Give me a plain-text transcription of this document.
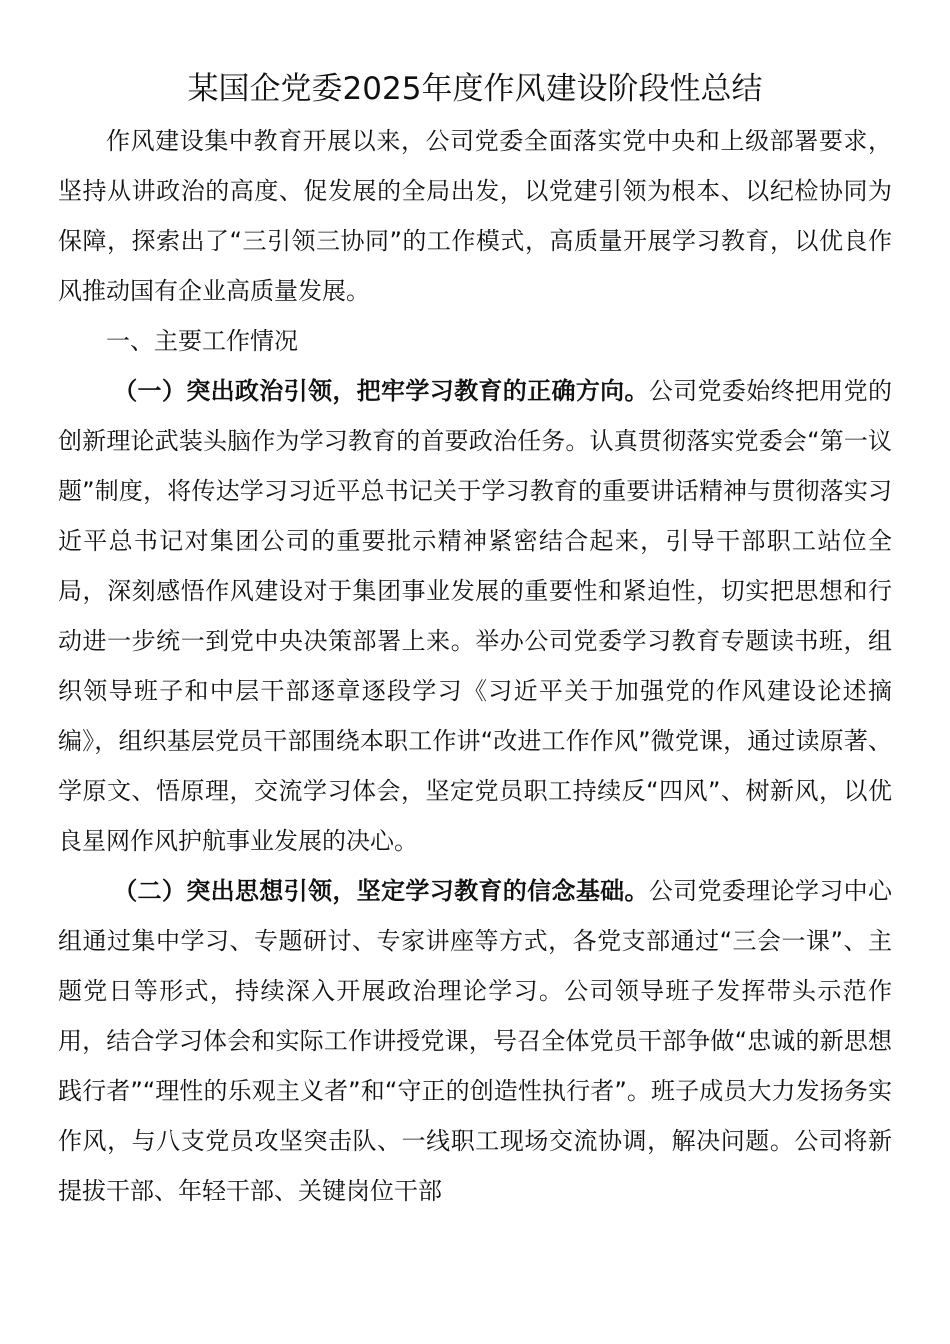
某国企党委2025年度作风建设阶段性总结

作风建设集中教育开展以来，公司党委全面落实党中央和上级部署要求，坚持从讲政治的高度、促发展的全局出发，以党建引领为根本、以纪检协同为保障，探索出了“三引领三协同”的工作模式，高质量开展学习教育，以优良作风推动国有企业高质量发展。

一、主要工作情况

（一）突出政治引领，把牢学习教育的正确方向。公司党委始终把用党的创新理论武装头脑作为学习教育的首要政治任务。认真贯彻落实党委会“第一议题”制度，将传达学习习近平总书记关于学习教育的重要讲话精神与贯彻落实习近平总书记对集团公司的重要批示精神紧密结合起来，引导干部职工站位全局，深刻感悟作风建设对于集团事业发展的重要性和紧迫性，切实把思想和行动进一步统一到党中央决策部署上来。举办公司党委学习教育专题读书班，组织领导班子和中层干部逐章逐段学习《习近平关于加强党的作风建设论述摘编》，组织基层党员干部围绕本职工作讲“改进工作作风”微党课，通过读原著、学原文、悟原理，交流学习体会，坚定党员职工持续反“四风”、树新风，以优良星网作风护航事业发展的决心。

（二）突出思想引领，坚定学习教育的信念基础。公司党委理论学习中心组通过集中学习、专题研讨、专家讲座等方式，各党支部通过“三会一课”、主题党日等形式，持续深入开展政治理论学习。公司领导班子发挥带头示范作用，结合学习体会和实际工作讲授党课，号召全体党员干部争做“忠诚的新思想践行者”“理性的乐观主义者”和“守正的创造性执行者”。班子成员大力发扬务实作风，与八支党员攻坚突击队、一线职工现场交流协调，解决问题。公司将新提拔干部、年轻干部、关键岗位干部
